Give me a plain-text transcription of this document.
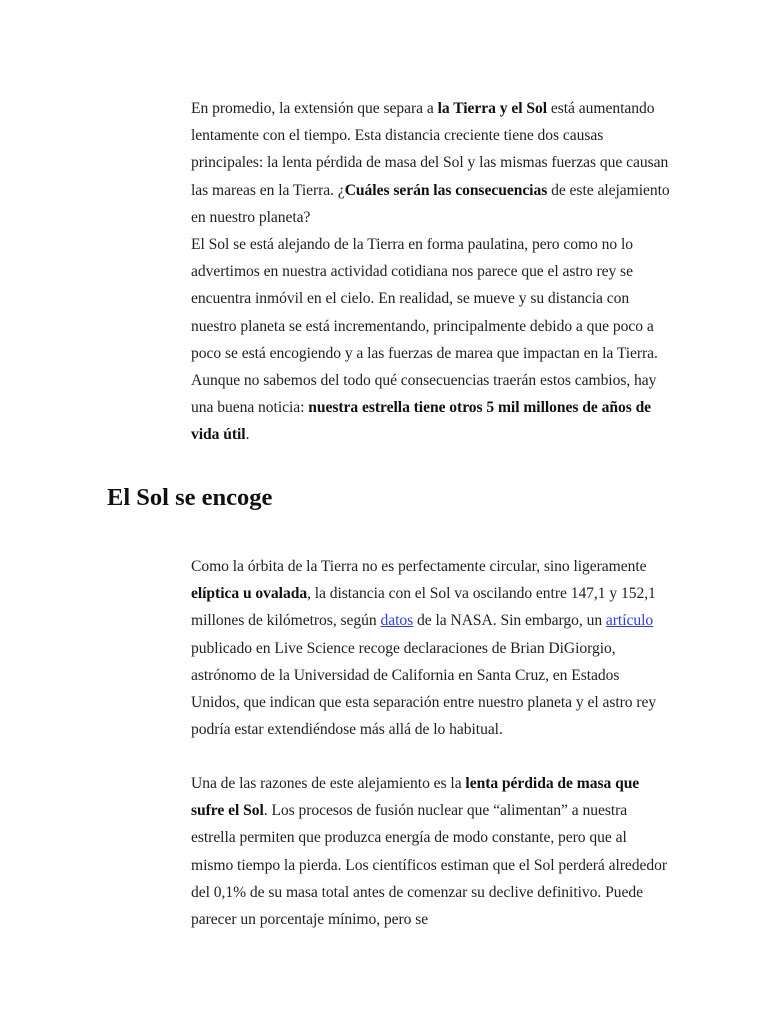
En promedio, la extensión que separa a la Tierra y el Sol está aumentando lentamente con el tiempo. Esta distancia creciente tiene dos causas principales: la lenta pérdida de masa del Sol y las mismas fuerzas que causan las mareas en la Tierra. ¿Cuáles serán las consecuencias de este alejamiento en nuestro planeta?

El Sol se está alejando de la Tierra en forma paulatina, pero como no lo advertimos en nuestra actividad cotidiana nos parece que el astro rey se encuentra inmóvil en el cielo. En realidad, se mueve y su distancia con nuestro planeta se está incrementando, principalmente debido a que poco a poco se está encogiendo y a las fuerzas de marea que impactan en la Tierra. Aunque no sabemos del todo qué consecuencias traerán estos cambios, hay una buena noticia: nuestra estrella tiene otros 5 mil millones de años de vida útil.

El Sol se encoge

Como la órbita de la Tierra no es perfectamente circular, sino ligeramente elíptica u ovalada, la distancia con el Sol va oscilando entre 147,1 y 152,1 millones de kilómetros, según datos de la NASA. Sin embargo, un artículo publicado en Live Science recoge declaraciones de Brian DiGiorgio, astrónomo de la Universidad de California en Santa Cruz, en Estados Unidos, que indican que esta separación entre nuestro planeta y el astro rey podría estar extendiéndose más allá de lo habitual.

Una de las razones de este alejamiento es la lenta pérdida de masa que sufre el Sol. Los procesos de fusión nuclear que “alimentan” a nuestra estrella permiten que produzca energía de modo constante, pero que al mismo tiempo la pierda. Los científicos estiman que el Sol perderá alrededor del 0,1% de su masa total antes de comenzar su declive definitivo. Puede parecer un porcentaje mínimo, pero se
